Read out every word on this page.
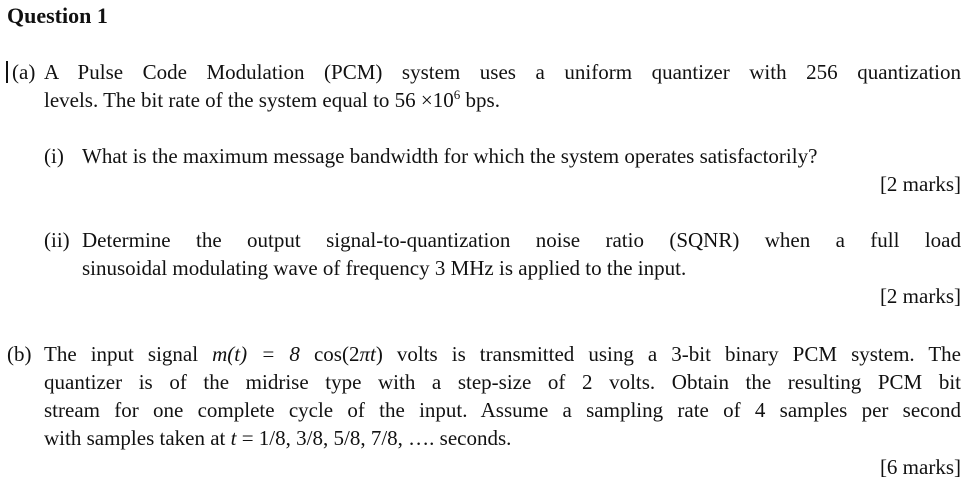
Question 1
(a) A Pulse Code Modulation (PCM) system uses a uniform quantizer with 256 quantization
levels. The bit rate of the system equal to $56 \times 10^6$ bps.
(i) What is the maximum message bandwidth for which the system operates satisfactorily?
[2 marks]
(ii) Determine the output signal-to-quantization noise ratio (SQNR) when a full load
sinusoidal modulating wave of frequency 3 MHz is applied to the input.
[2 marks]
(b) The input signal m(t) = 8 cos(2πt) volts is transmitted using a 3-bit binary PCM system. The
quantizer is of the midrise type with a step-size of 2 volts. Obtain the resulting PCM bit
stream for one complete cycle of the input. Assume a sampling rate of 4 samples per second
with samples taken at t = 1/8, 3/8, 5/8, 7/8, …. seconds.
[6 marks]
